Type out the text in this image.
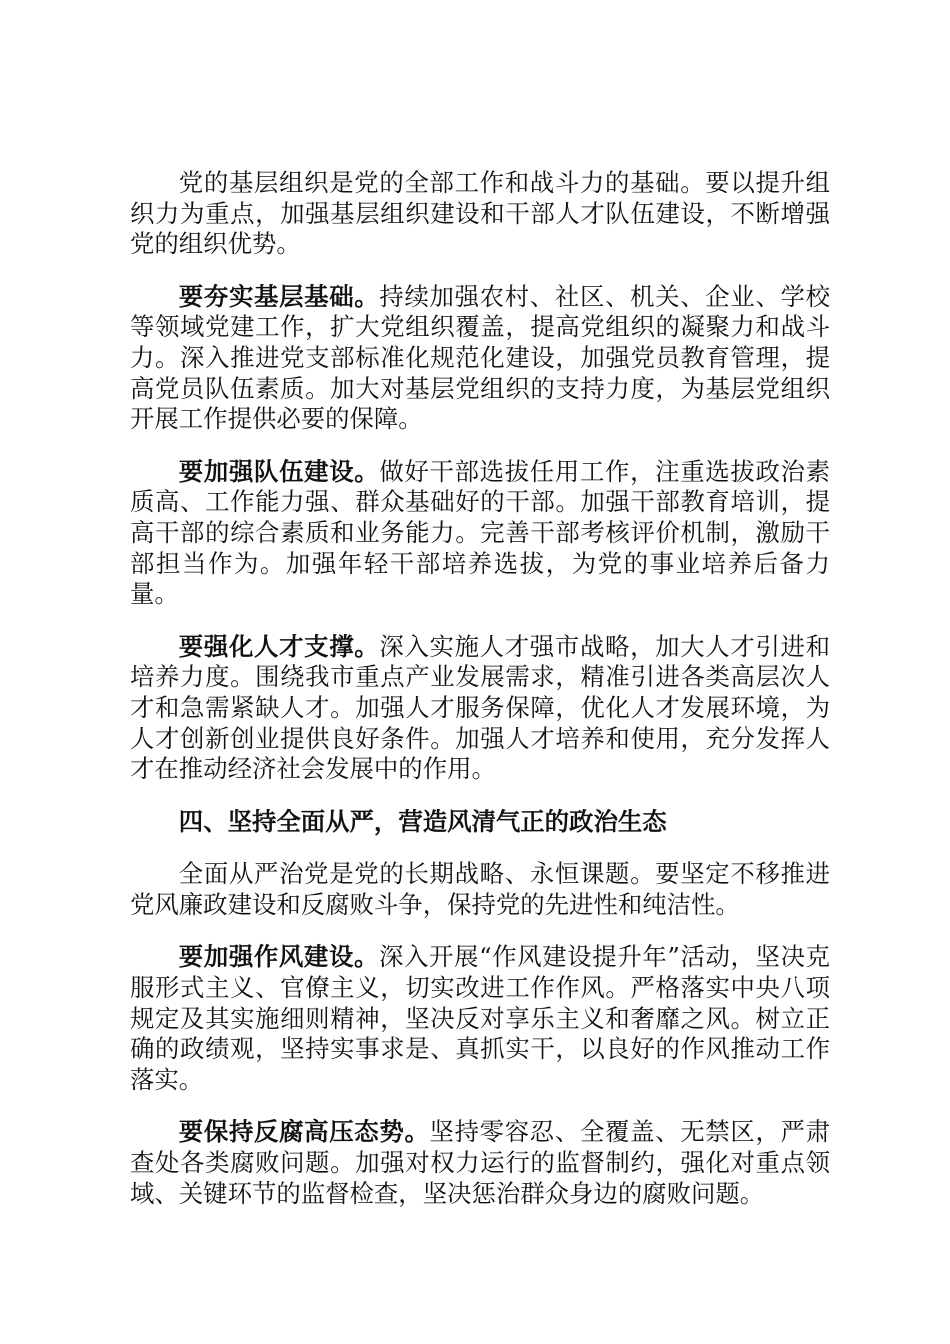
党的基层组织是党的全部工作和战斗力的基础。要以提升组织力为重点，加强基层组织建设和干部人才队伍建设，不断增强党的组织优势。

要夯实基层基础。持续加强农村、社区、机关、企业、学校等领域党建工作，扩大党组织覆盖，提高党组织的凝聚力和战斗力。深入推进党支部标准化规范化建设，加强党员教育管理，提高党员队伍素质。加大对基层党组织的支持力度，为基层党组织开展工作提供必要的保障。

要加强队伍建设。做好干部选拔任用工作，注重选拔政治素质高、工作能力强、群众基础好的干部。加强干部教育培训，提高干部的综合素质和业务能力。完善干部考核评价机制，激励干部担当作为。加强年轻干部培养选拔，为党的事业培养后备力量。

要强化人才支撑。深入实施人才强市战略，加大人才引进和培养力度。围绕我市重点产业发展需求，精准引进各类高层次人才和急需紧缺人才。加强人才服务保障，优化人才发展环境，为人才创新创业提供良好条件。加强人才培养和使用，充分发挥人才在推动经济社会发展中的作用。

四、坚持全面从严，营造风清气正的政治生态

全面从严治党是党的长期战略、永恒课题。要坚定不移推进党风廉政建设和反腐败斗争，保持党的先进性和纯洁性。

要加强作风建设。深入开展“作风建设提升年”活动，坚决克服形式主义、官僚主义，切实改进工作作风。严格落实中央八项规定及其实施细则精神，坚决反对享乐主义和奢靡之风。树立正确的政绩观，坚持实事求是、真抓实干，以良好的作风推动工作落实。

要保持反腐高压态势。坚持零容忍、全覆盖、无禁区，严肃查处各类腐败问题。加强对权力运行的监督制约，强化对重点领域、关键环节的监督检查，坚决惩治群众身边的腐败问题。
